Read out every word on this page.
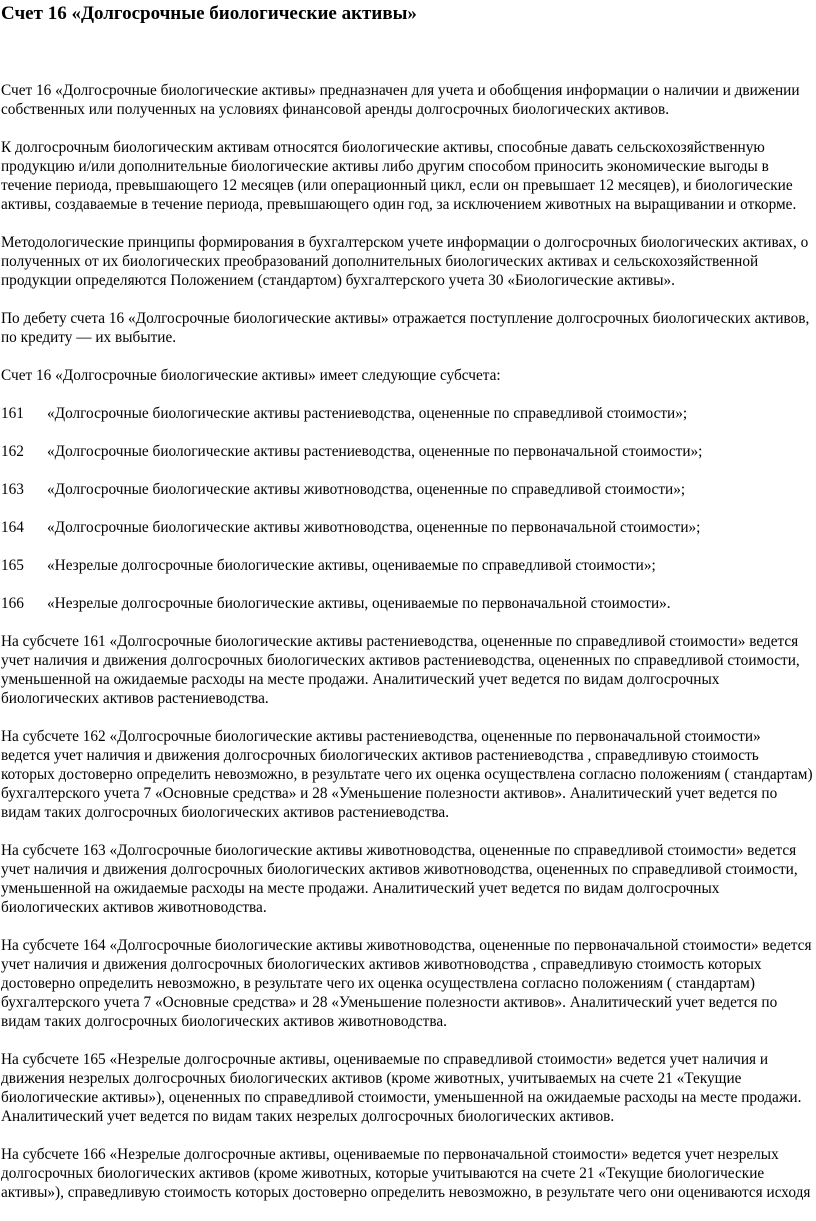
Счет 16 «Долгосрочные биологические активы»

Счет 16 «Долгосрочные биологические активы» предназначен для учета и обобщения информации о наличии и движении собственных или полученных на условиях финансовой аренды долгосрочных биологических активов.

К долгосрочным биологическим активам относятся биологические активы, способные давать сельскохозяйственную продукцию и/или дополнительные биологические активы либо другим способом приносить экономические выгоды в течение периода, превышающего 12 месяцев (или операционный цикл, если он превышает 12 месяцев), и биологические активы, создаваемые в течение периода, превышающего один год, за исключением животных на выращивании и откорме.

Методологические принципы формирования в бухгалтерском учете информации о долгосрочных биологических активах, о полученных от их биологических преобразований дополнительных биологических активах и сельскохозяйственной продукции определяются Положением (стандартом) бухгалтерского учета 30 «Биологические активы».

По дебету счета 16 «Долгосрочные биологические активы» отражается поступление долгосрочных биологических активов, по кредиту — их выбытие.

Счет 16 «Долгосрочные биологические активы» имеет следующие субсчета:

161	«Долгосрочные биологические активы растениеводства, оцененные по справедливой стоимости»;
162	«Долгосрочные биологические активы растениеводства, оцененные по первоначальной стоимости»;
163	«Долгосрочные биологические активы животноводства, оцененные по справедливой стоимости»;
164	«Долгосрочные биологические активы животноводства, оцененные по первоначальной стоимости»;
165	«Незрелые долгосрочные биологические активы, оцениваемые по справедливой стоимости»;
166	«Незрелые долгосрочные биологические активы, оцениваемые по первоначальной стоимости».

На субсчете 161 «Долгосрочные биологические активы растениеводства, оцененные по справедливой стоимости» ведется учет наличия и движения долгосрочных биологических активов растениеводства, оцененных по справедливой стоимости, уменьшенной на ожидаемые расходы на месте продажи. Аналитический учет ведется по видам долгосрочных биологических активов растениеводства.

На субсчете 162 «Долгосрочные биологические активы растениеводства, оцененные по первоначальной стоимости» ведется учет наличия и движения долгосрочных биологических активов растениеводства , справедливую стоимость которых достоверно определить невозможно, в результате чего их оценка осуществлена согласно положениям ( стандартам) бухгалтерского учета 7 «Основные средства» и 28 «Уменьшение полезности активов». Аналитический учет ведется по видам таких долгосрочных биологических активов растениеводства.

На субсчете 163 «Долгосрочные биологические активы животноводства, оцененные по справедливой стоимости» ведется учет наличия и движения долгосрочных биологических активов животноводства, оцененных по справедливой стоимости, уменьшенной на ожидаемые расходы на месте продажи. Аналитический учет ведется по видам долгосрочных биологических активов животноводства.

На субсчете 164 «Долгосрочные биологические активы животноводства, оцененные по первоначальной стоимости» ведется учет наличия и движения долгосрочных биологических активов животноводства , справедливую стоимость которых достоверно определить невозможно, в результате чего их оценка осуществлена согласно положениям ( стандартам) бухгалтерского учета 7 «Основные средства» и 28 «Уменьшение полезности активов». Аналитический учет ведется по видам таких долгосрочных биологических активов животноводства.

На субсчете 165 «Незрелые долгосрочные активы, оцениваемые по справедливой стоимости» ведется учет наличия и движения незрелых долгосрочных биологических активов (кроме животных, учитываемых на счете 21 «Текущие биологические активы»), оцененных по справедливой стоимости, уменьшенной на ожидаемые расходы на месте продажи. Аналитический учет ведется по видам таких незрелых долгосрочных биологических активов.

На субсчете 166 «Незрелые долгосрочные активы, оцениваемые по первоначальной стоимости» ведется учет незрелых долгосрочных биологических активов (кроме животных, которые учитываются на счете 21 «Текущие биологические активы»), справедливую стоимость которых достоверно определить невозможно, в результате чего они оцениваются исходя
